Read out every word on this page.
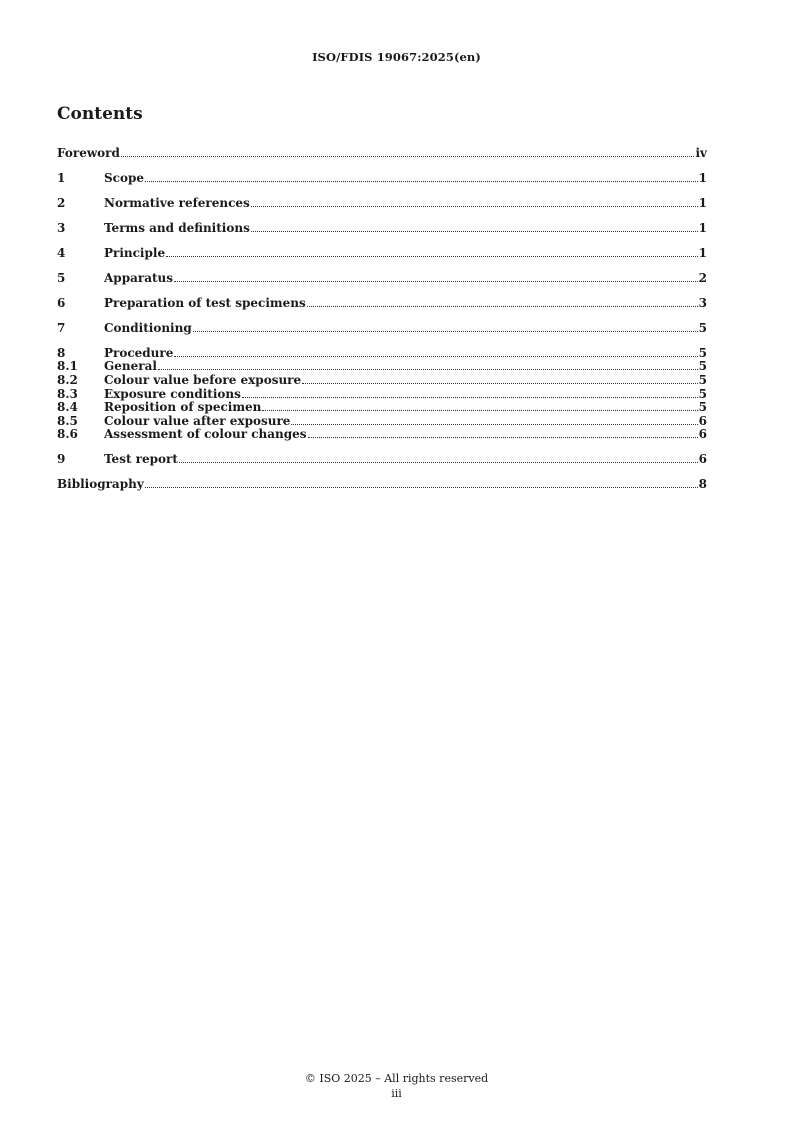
ISO/FDIS 19067:2025(en)
Contents
Foreword	iv
1	Scope	1
2	Normative references	1
3	Terms and definitions	1
4	Principle	1
5	Apparatus	2
6	Preparation of test specimens	3
7	Conditioning	5
8	Procedure	5
8.1	General	5
8.2	Colour value before exposure	5
8.3	Exposure conditions	5
8.4	Reposition of specimen	5
8.5	Colour value after exposure	6
8.6	Assessment of colour changes	6
9	Test report	6
Bibliography	8
© ISO 2025 – All rights reserved
iii
